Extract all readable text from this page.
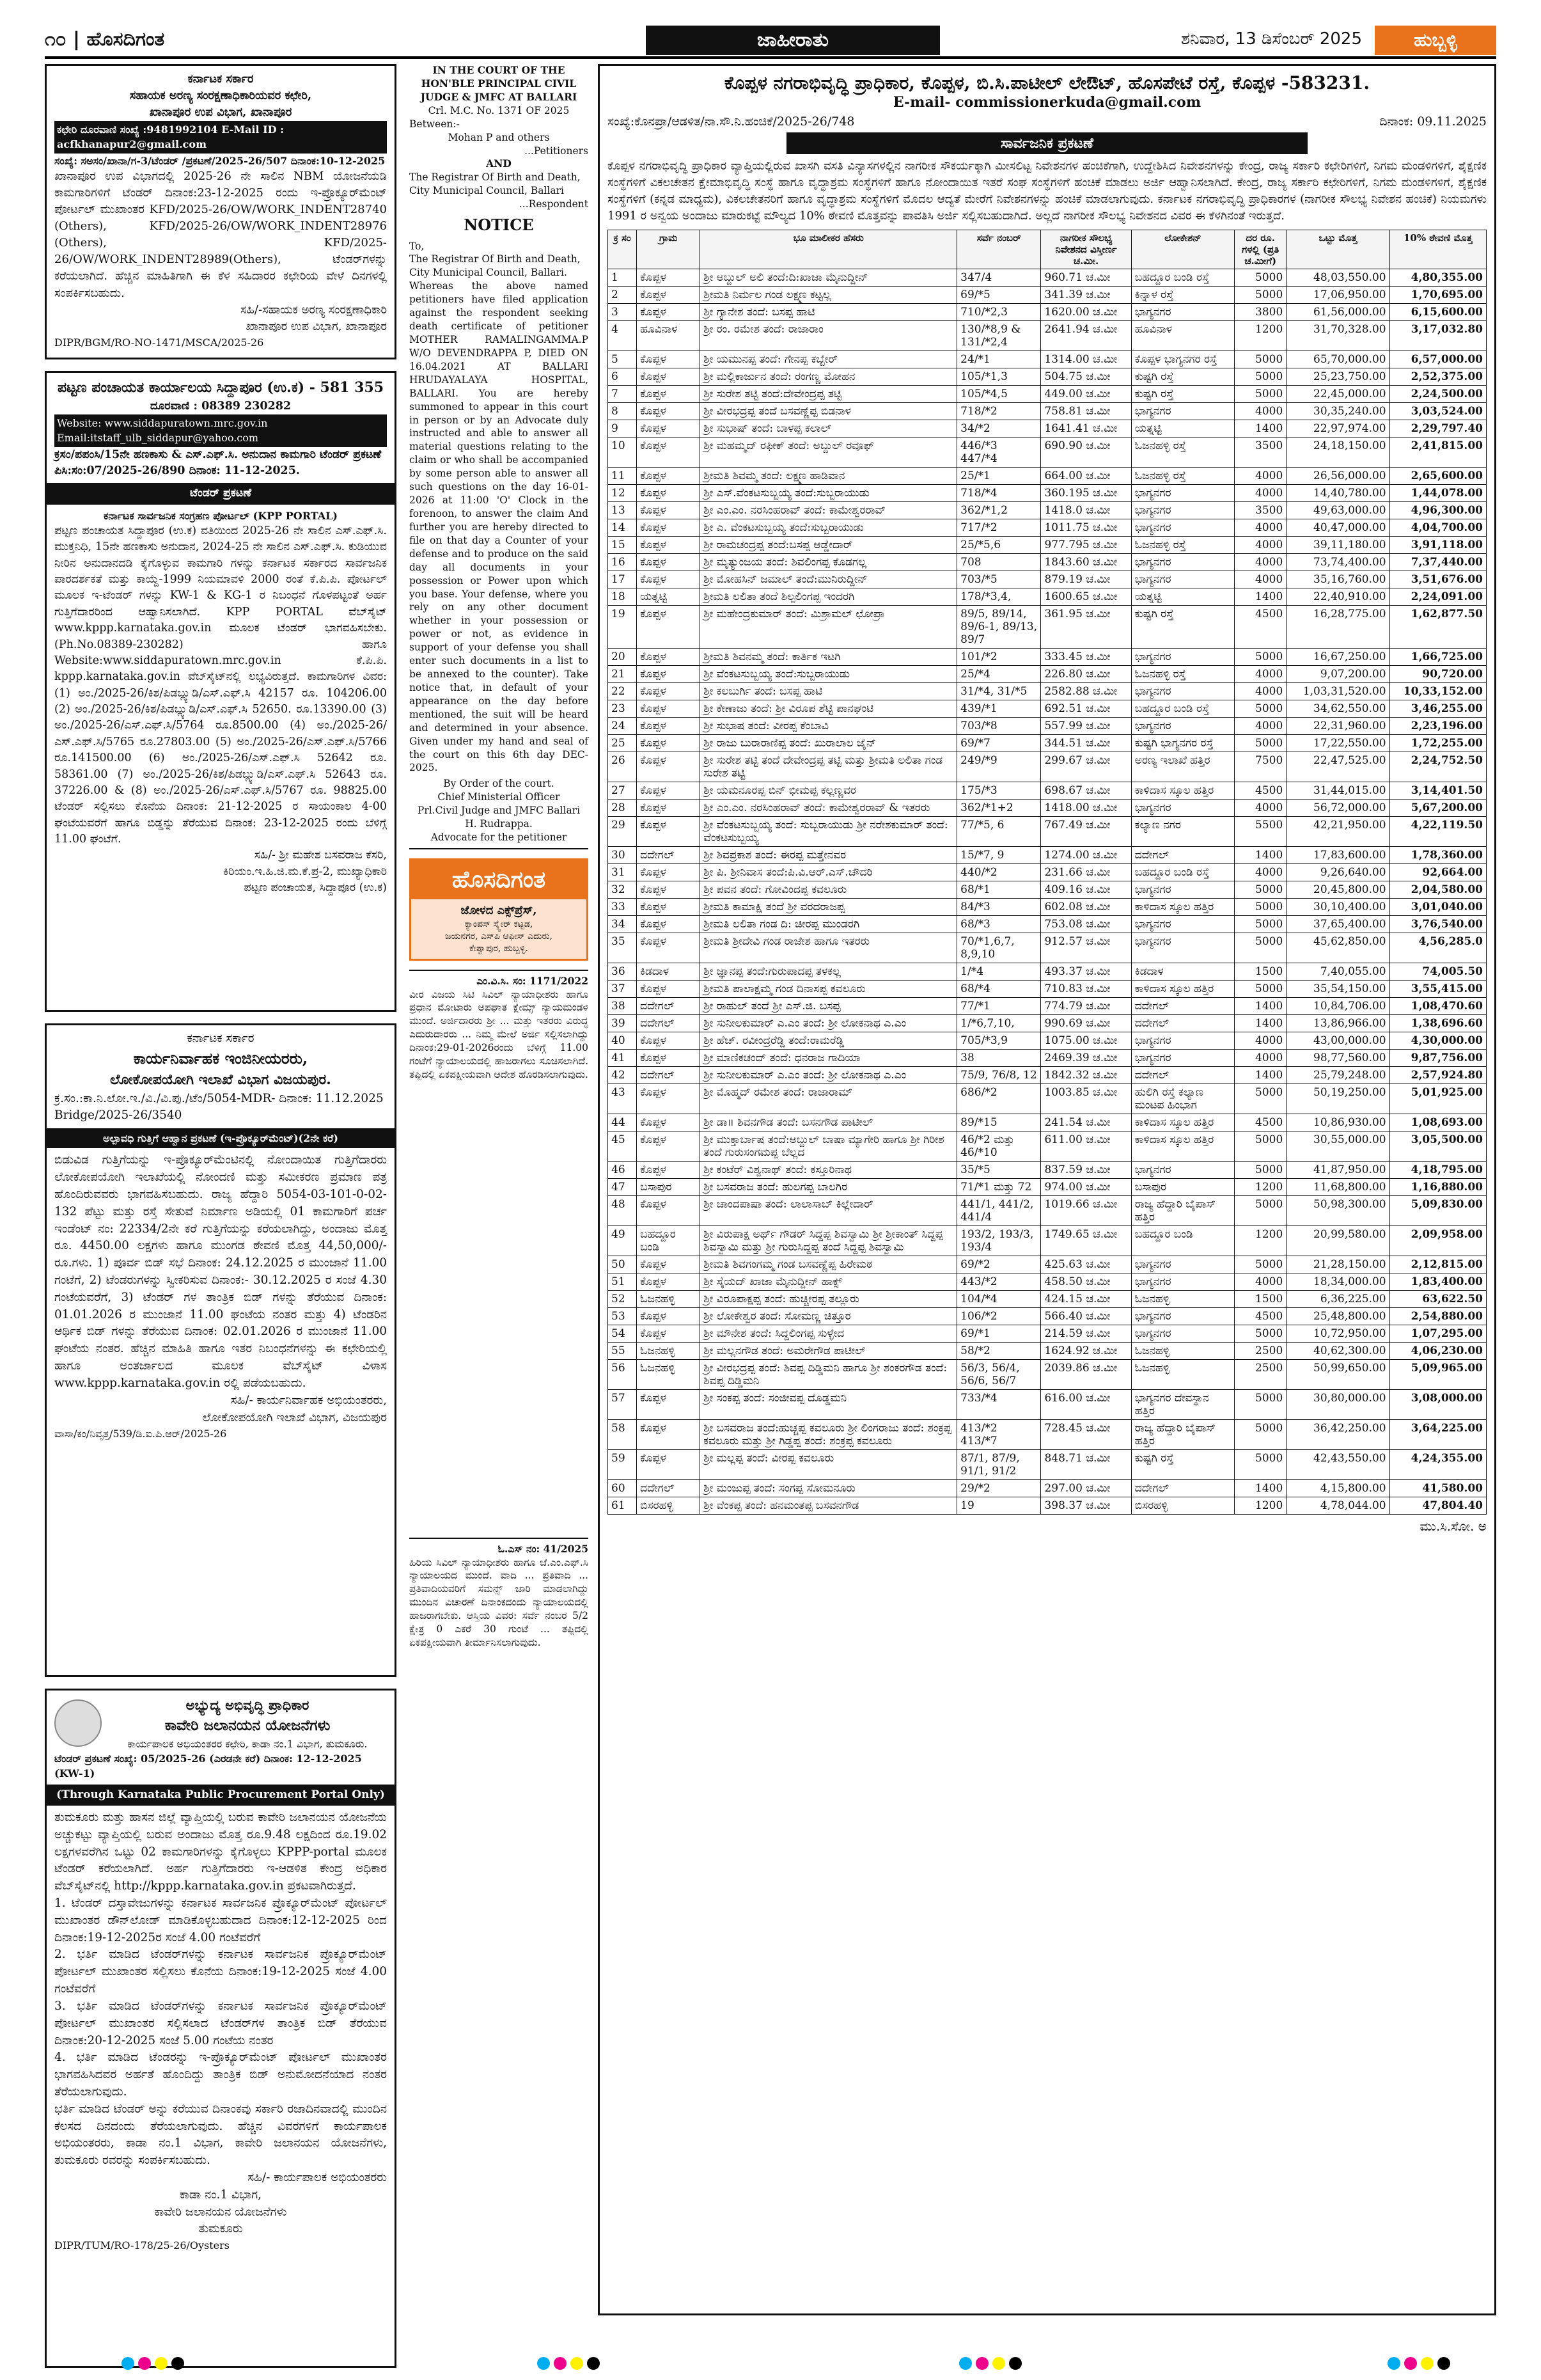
೧೦ | ಹೊಸದಿಗಂತ	ಜಾಹೀರಾತು	ಶನಿವಾರ, 13 ಡಿಸೆಂಬರ್ 2025	ಹುಬ್ಬಳ್ಳಿ

ಕರ್ನಾಟಕ ಸರ್ಕಾರ

ಸಹಾಯಕ ಅರಣ್ಯ ಸಂರಕ್ಷಣಾಧಿಕಾರಿಯವರ ಕಛೇರಿ,

ಖಾನಾಪೂರ ಉಪ ವಿಭಾಗ, ಖಾನಾಪೂರ

ಕಛೇರಿ ದೂರವಾಣಿ ಸಂಖ್ಯೆ :9481992104 E-Mail ID : acfkhanapur2@gmail.com

ಸಂಖ್ಯೆ: ಸಅಸಂ/ಖಾನಾ/ಗ-3/ಟೆಂಡರ್ /ಪ್ರಕಟಣೆ/2025-26/507 ದಿನಾಂಕ:10-12-2025

ಖಾನಾಪೂರ ಉಪ ವಿಭಾಗದಲ್ಲಿ 2025-26 ನೇ ಸಾಲಿನ NBM ಯೋಜನೆಯಡಿ ಕಾಮಗಾರಿಗಳಿಗೆ ಟೆಂಡರ್ ದಿನಾಂಕ:23-12-2025 ರಂದು ಇ-ಪ್ರೊಕ್ಯೂರ್‌ಮೆಂಟ್ ಪೋರ್ಟಲ್ ಮುಖಾಂತರ KFD/2025-26/OW/WORK_INDENT28740 (Others), KFD/2025-26/OW/WORK_INDENT28976 (Others), KFD/2025-26/OW/WORK_INDENT28989(Others), ಟೆಂಡರ್‌ಗಳನ್ನು ಕರೆಯಲಾಗಿದೆ. ಹೆಚ್ಚಿನ ಮಾಹಿತಿಗಾಗಿ ಈ ಕೆಳ ಸಹಿದಾರರ ಕಛೇರಿಯ ವೇಳೆ ದಿನಗಳಲ್ಲಿ ಸಂಪರ್ಕಿಸಬಹುದು.

ಸಹಿ/-ಸಹಾಯಕ ಅರಣ್ಯ ಸಂರಕ್ಷಣಾಧಿಕಾರಿ

ಖಾನಾಪೂರ ಉಪ ವಿಭಾಗ, ಖಾನಾಪೂರ

DIPR/BGM/RO-NO-1471/MSCA/2025-26

ಪಟ್ಟಣ ಪಂಚಾಯತ ಕಾರ್ಯಾಲಯ ಸಿದ್ದಾಪೂರ (ಉ.ಕ) - 581 355

ದೂರವಾಣಿ : 08389 230282

Website: www.siddapuratown.mrc.gov.in Email:itstaff_ulb_siddapur@yahoo.com

ಕ್ರಸಂ/ಪಪಂಸಿ/15ನೇ ಹಣಕಾಸು & ಎಸ್.ಎಫ್.ಸಿ. ಅನುದಾನ ಕಾಮಗಾರಿ ಟೆಂಡರ್ ಪ್ರಕಟಣೆ ಪಿಸಿ:ಸಂ:07/2025-26/890 ದಿನಾಂಕ: 11-12-2025.

ಟೆಂಡರ್ ಪ್ರಕಟಣೆ

ಕರ್ನಾಟಕ ಸಾರ್ವಜನಿಕ ಸಂಗ್ರಹಣ ಪೋರ್ಟಲ್ (KPP PORTAL)

ಪಟ್ಟಣ ಪಂಚಾಯತ ಸಿದ್ದಾಪೂರ (ಉ.ಕ) ವತಿಯಿಂದ 2025-26 ನೇ ಸಾಲಿನ ಎಸ್.ಎಫ್.ಸಿ. ಮುಕ್ತನಿಧಿ, 15ನೇ ಹಣಕಾಸು ಅನುದಾನ, 2024-25 ನೇ ಸಾಲಿನ ಎಸ್.ಎಫ್.ಸಿ. ಕುಡಿಯುವ ನೀರಿನ ಅನುದಾನದಡಿ ಕೈಗೊಳ್ಳುವ ಕಾಮಗಾರಿ ಗಳನ್ನು ಕರ್ನಾಟಕ ಸರ್ಕಾರದ ಸಾರ್ವಜನಿಕ ಪಾರದರ್ಶಕತೆ ಮತ್ತು ಕಾಯ್ದೆ-1999 ನಿಯಮಾವಳಿ 2000 ರಂತೆ ಕೆ.ಪಿ.ಪಿ. ಪೋರ್ಟಲ್ ಮೂಲಕ ಇ-ಟೆಂಡರ್ ಗಳನ್ನು KW-1 & KG-1 ರ ನಿಬಂಧನೆ ಗೊಳಪಟ್ಟಂತೆ ಅರ್ಹ ಗುತ್ತಿಗೆದಾರರಿಂದ ಆಹ್ವಾನಿಸಲಾಗಿದೆ. KPP PORTAL ವೆಬ್‌ಸೈಟ್ www.kppp.karnataka.gov.in ಮೂಲಕ ಟೆಂಡರ್ ಭಾಗವಹಿಸಬೇಕು. (Ph.No.08389-230282) ಹಾಗೂ Website:www.siddapuratown.mrc.gov.in ಕೆ.ಪಿ.ಪಿ. kppp.karnataka.gov.in ವೆಬ್‌ಸೈಟ್‌ನಲ್ಲಿ ಲಭ್ಯವಿರುತ್ತದೆ. ಕಾಮಗಾರಿಗಳ ವಿವರ: (1) ಅಂ./2025-26/ಕಿಶ/ಪಿಡಬ್ಲ್ಯುಡಿ/ಎಸ್.ಎಫ್.ಸಿ 42157 ರೂ. 104206.00 (2) ಅಂ./2025-26/ಕಿಶ/ಪಿಡಬ್ಲ್ಯುಡಿ/ಎಸ್.ಎಫ್.ಸಿ 52650. ರೂ.13390.00 (3) ಅಂ./2025-26/ಎಸ್.ಎಫ್.ಸಿ/5764 ರೂ.8500.00 (4) ಅಂ./2025-26/ಎಸ್.ಎಫ್.ಸಿ/5765 ರೂ.27803.00 (5) ಅಂ./2025-26/ಎಸ್.ಎಫ್.ಸಿ/5766 ರೂ.141500.00 (6) ಅಂ./2025-26/ಎಸ್.ಎಫ್.ಸಿ 52642 ರೂ. 58361.00 (7) ಅಂ./2025-26/ಕಿಶ/ಪಿಡಬ್ಲ್ಯುಡಿ/ಎಸ್.ಎಫ್.ಸಿ 52643 ರೂ. 37226.00 & (8) ಅಂ./2025-26/ಎಸ್.ಎಫ್.ಸಿ/5767 ರೂ. 98825.00 ಟೆಂಡರ್ ಸಲ್ಲಿಸಲು ಕೊನೆಯ ದಿನಾಂಕ: 21-12-2025 ರ ಸಾಯಂಕಾಲ 4-00 ಘಂಟೆಯವರೆಗೆ ಹಾಗೂ ಬಿಡ್ಡನ್ನು ತೆರೆಯುವ ದಿನಾಂಕ: 23-12-2025 ರಂದು ಬೆಳಿಗ್ಗೆ 11.00 ಘಂಟೆಗೆ.

ಸಹಿ/- ಶ್ರೀ ಮಹೇಶ ಬಸವರಾಜ ಕೆಸರಿ,

ಕಿರಿಯಂ.ಇ.ಹಿ.ಜಿ.ಮ.ಕೆ.ಪ್ರ-2, ಮುಖ್ಯಾಧಿಕಾರಿ

ಪಟ್ಟಣ ಪಂಚಾಯತ, ಸಿದ್ದಾಪೂರ (ಉ.ಕ)

ಕರ್ನಾಟಕ ಸರ್ಕಾರ

ಕಾರ್ಯನಿರ್ವಾಹಕ ಇಂಜಿನೀಯರರು,

ಲೋಕೋಪಯೋಗಿ ಇಲಾಖೆ ವಿಭಾಗ ವಿಜಯಪುರ.

ಕ್ರ.ಸಂ.:ಕಾ.ನಿ.ಲೋ.ಇ./ವಿ./ವಿ.ಪು./ಟೆಂ/5054-MDR- ದಿನಾಂಕ: 11.12.2025

Bridge/2025-26/3540

ಅಲ್ಪಾವಧಿ ಗುತ್ತಿಗೆ ಆಹ್ವಾನ ಪ್ರಕಟಣೆ (ಇ-ಪ್ರೊಕ್ಯೂರ್‌ಮೆಂಟ್)(2ನೇ ಕರೆ)

ಬಿಡುವಿಡ ಗುತ್ತಿಗೆಯನ್ನು ಇ-ಪ್ರೊಕ್ಯೂರ್‌ಮೆಂಟಿನಲ್ಲಿ ನೋಂದಾಯಿತ ಗುತ್ತಿಗೆದಾರರು ಲೋಕೋಪಯೋಗಿ ಇಲಾಖೆಯಲ್ಲಿ ನೋಂದಣಿ ಮತ್ತು ಸಮೀಕರಣ ಪ್ರಮಾಣ ಪತ್ರ ಹೊಂದಿರುವವರು ಭಾಗವಹಿಸಬಹುದು. ರಾಜ್ಯ ಹೆದ್ದಾರಿ 5054-03-101-0-02-132 ಪೆಟ್ಟು ಮತ್ತು ರಸ್ತೆ ಸೇತುವೆ ನಿರ್ಮಾಣ ಅಡಿಯಲ್ಲಿ 01 ಕಾಮಗಾರಿಗೆ ಪರ್ಚ ಇಂಡೆಂಟ್ ನಂ: 22334/2ನೇ ಕರೆ ಗುತ್ತಿಗೆಯನ್ನು ಕರೆಯಲಾಗಿದ್ದು, ಅಂದಾಜು ಮೊತ್ತ ರೂ. 4450.00 ಲಕ್ಷಗಳು ಹಾಗೂ ಮುಂಗಡ ಠೇವಣಿ ಮೊತ್ತ 44,50,000/- ರೂ.ಗಳು. 1) ಪೂರ್ವ ಬಿಡ್ ಸಭೆ ದಿನಾಂಕ: 24.12.2025 ರ ಮುಂಜಾನೆ 11.00 ಗಂಟೆಗೆ, 2) ಟೆಂಡರುಗಳನ್ನು ಸ್ವೀಕರಿಸುವ ದಿನಾಂಕ:- 30.12.2025 ರ ಸಂಜೆ 4.30 ಗಂಟೆಯವರೆಗೆ, 3) ಟೆಂಡರ್ ಗಳ ತಾಂತ್ರಿಕ ಬಿಡ್ ಗಳನ್ನು ತೆರೆಯುವ ದಿನಾಂಕ: 01.01.2026 ರ ಮುಂಜಾನೆ 11.00 ಘಂಟೆಯ ನಂತರ ಮತ್ತು 4) ಟೆಂಡರಿನ ಆರ್ಥಿಕ ಬಿಡ್ ಗಳನ್ನು ತೆರೆಯುವ ದಿನಾಂಕ: 02.01.2026 ರ ಮುಂಜಾನೆ 11.00 ಘಂಟೆಯ ನಂತರ. ಹೆಚ್ಚಿನ ಮಾಹಿತಿ ಹಾಗೂ ಇತರ ನಿಬಂಧನೆಗಳನ್ನು ಈ ಕಛೇರಿಯಲ್ಲಿ ಹಾಗೂ ಅಂತರ್ಜಾಲದ ಮೂಲಕ ವೆಬ್‌ಸೈಟ್ ವಿಳಾಸ www.kppp.karnataka.gov.in ರಲ್ಲಿ ಪಡೆಯಬಹುದು.

ಸಹಿ/- ಕಾರ್ಯನಿರ್ವಾಹಕ ಅಭಿಯಂತರರು,

ಲೋಕೋಪಯೋಗಿ ಇಲಾಖೆ ವಿಭಾಗ, ವಿಜಯಪುರ

ವಾಸಾ/ಕಂ/ನಿವೃತ್ತ/539/ಡಿ.ಐ.ಪಿ.ಆರ್/2025-26

ಅಭ್ಯುದ್ಯ ಅಭಿವೃದ್ಧಿ ಪ್ರಾಧಿಕಾರ

ಕಾವೇರಿ ಜಲಾನಯನ ಯೋಜನೆಗಳು

ಕಾರ್ಯಪಾಲಕ ಅಭಿಯಂತರರ ಕಛೇರಿ, ಕಾಡಾ ನಂ.1 ವಿಭಾಗ, ತುಮಕೂರು.

ಟೆಂಡರ್ ಪ್ರಕಟಣೆ ಸಂಖ್ಯೆ: 05/2025-26 (ಎರಡನೇ ಕರೆ) ದಿನಾಂಕ: 12-12-2025 (KW-1)

(Through Karnataka Public Procurement Portal Only)

ತುಮಕೂರು ಮತ್ತು ಹಾಸನ ಜಿಲ್ಲೆ ವ್ಯಾಪ್ತಿಯಲ್ಲಿ ಬರುವ ಕಾವೇರಿ ಜಲಾನಯನ ಯೋಜನೆಯ ಅಚ್ಚುಕಟ್ಟು ವ್ಯಾಪ್ತಿಯಲ್ಲಿ ಬರುವ ಅಂದಾಜು ಮೊತ್ತ ರೂ.9.48 ಲಕ್ಷದಿಂದ ರೂ.19.02 ಲಕ್ಷಗಳವರೆಗಿನ ಒಟ್ಟು 02 ಕಾಮಗಾರಿಗಳನ್ನು ಕೈಗೊಳ್ಳಲು KPPP-portal ಮೂಲಕ ಟೆಂಡರ್ ಕರೆಯಲಾಗಿದೆ. ಅರ್ಹ ಗುತ್ತಿಗೆದಾರರು ಇ-ಆಡಳಿತ ಕೇಂದ್ರ ಅಧಿಕಾರ ವೆಬ್‌ಸೈಟ್‌ನಲ್ಲಿ http://kppp.karnataka.gov.in ಪ್ರಕಟವಾಗಿರುತ್ತದೆ.

1. ಟೆಂಡರ್ ದಸ್ತಾವೇಜುಗಳನ್ನು ಕರ್ನಾಟಕ ಸಾರ್ವಜನಿಕ ಪ್ರೊಕ್ಯೂರ್‌ಮೆಂಟ್ ಪೋರ್ಟಲ್ ಮುಖಾಂತರ ಡೌನ್‌ಲೋಡ್ ಮಾಡಿಕೊಳ್ಳಬಹುದಾದ ದಿನಾಂಕ:12-12-2025 ರಿಂದ ದಿನಾಂಕ:19-12-2025ರ ಸಂಜೆ 4.00 ಗಂಟೆವರೆಗೆ

2. ಭರ್ತಿ ಮಾಡಿದ ಟೆಂಡರ್‌ಗಳನ್ನು ಕರ್ನಾಟಕ ಸಾರ್ವಜನಿಕ ಪ್ರೊಕ್ಯೂರ್‌ಮೆಂಟ್ ಪೋರ್ಟಲ್ ಮುಖಾಂತರ ಸಲ್ಲಿಸಲು ಕೊನೆಯ ದಿನಾಂಕ:19-12-2025 ಸಂಜೆ 4.00 ಗಂಟೆವರೆಗೆ

3. ಭರ್ತಿ ಮಾಡಿದ ಟೆಂಡರ್‌ಗಳನ್ನು ಕರ್ನಾಟಕ ಸಾರ್ವಜನಿಕ ಪ್ರೊಕ್ಯೂರ್‌ಮೆಂಟ್ ಪೋರ್ಟಲ್ ಮುಖಾಂತರ ಸಲ್ಲಿಸಲಾದ ಟೆಂಡರ್‌ಗಳ ತಾಂತ್ರಿಕ ಬಿಡ್ ತೆರೆಯುವ ದಿನಾಂಕ:20-12-2025 ಸಂಜೆ 5.00 ಗಂಟೆಯ ನಂತರ

4. ಭರ್ತಿ ಮಾಡಿದ ಟೆಂಡರನ್ನು ಇ-ಪ್ರೊಕ್ಯೂರ್‌ಮೆಂಟ್ ಪೋರ್ಟಲ್ ಮುಖಾಂತರ ಭಾಗವಹಿಸಿದವರ ಅರ್ಹತೆ ಹೊಂದಿದ್ದು ತಾಂತ್ರಿಕ ಬಿಡ್ ಅನುಮೋದನೆಯಾದ ನಂತರ ತೆರೆಯಲಾಗುವುದು.

ಭರ್ತಿ ಮಾಡಿದ ಟೆಂಡರ್ ಅನ್ನು ಕರೆಯುವ ದಿನಾಂಕವು ಸರ್ಕಾರಿ ರಜಾದಿನವಾದಲ್ಲಿ ಮುಂದಿನ ಕೆಲಸದ ದಿನದಂದು ತೆರೆಯಲಾಗುವುದು. ಹೆಚ್ಚಿನ ವಿವರಗಳಿಗೆ ಕಾರ್ಯಪಾಲಕ ಅಭಿಯಂತರರು, ಕಾಡಾ ನಂ.1 ವಿಭಾಗ, ಕಾವೇರಿ ಜಲಾನಯನ ಯೋಜನೆಗಳು, ತುಮಕೂರು ರವರನ್ನು ಸಂಪರ್ಕಿಸಬಹುದು.

ಸಹಿ/- ಕಾರ್ಯಪಾಲಕ ಅಭಿಯಂತರರು

ಕಾಡಾ ನಂ.1 ವಿಭಾಗ,

ಕಾವೇರಿ ಜಲಾನಯನ ಯೋಜನೆಗಳು

ತುಮಕೂರು

DIPR/TUM/RO-178/25-26/Oysters

IN THE COURT OF THE HON'BLE PRINCIPAL CIVIL JUDGE & JMFC AT BALLARI

Crl. M.C. No. 1371 OF 2025

Between:-

Mohan P and others

...Petitioners

AND

The Registrar Of Birth and Death, City Municipal Council, Ballari

...Respondent

NOTICE

To,

The Registrar Of Birth and Death, City Municipal Council, Ballari.

Whereas the above named petitioners have filed application against the respondent seeking death certificate of petitioner MOTHER RAMALINGAMMA.P W/O DEVENDRAPPA P, DIED ON 16.04.2021 AT BALLARI HRUDAYALAYA HOSPITAL, BALLARI. You are hereby summoned to appear in this court in person or by an Advocate duly instructed and able to answer all material questions relating to the claim or who shall be accompanied by some person able to answer all such questions on the day 16-01-2026 at 11:00 'O' Clock in the forenoon, to answer the claim And further you are hereby directed to file on that day a Counter of your defense and to produce on the said day all documents in your possession or Power upon which you base. Your defense, where you rely on any other document whether in your possession or power or not, as evidence in support of your defense you shall enter such documents in a list to be annexed to the counter). Take notice that, in default of your appearance on the day before mentioned, the suit will be heard and determined in your absence. Given under my hand and seal of the court on this 6th day DEC-2025.

By Order of the court.

Chief Ministerial Officer

Prl.Civil Judge and JMFC Ballari

H. Rudrappa.

Advocate for the petitioner

ಹೊಸದಿಗಂತ

ಜೋಳದ ಎಕ್ಸ್‌ಪ್ರೆಸ್,

ಕ್ಯಾಂಪಸ್ ಸ್ಕ್ವೇರ್ ಕಟ್ಟಡ,

ಜಯನಗರ, ಎಸ್‌ಪಿ ಆಫೀಸ್ ಎದುರು,

ಕೇಶ್ವಾಪುರ, ಹುಬ್ಬಳ್ಳಿ.

ಎಂ.ವಿ.ಸಿ. ಸಂ: 1171/2022

ವೀರ ವಿಜಯ ಸಿಟಿ ಸಿವಿಲ್ ನ್ಯಾಯಾಧೀಶರು ಹಾಗೂ ಪ್ರಧಾನ ಮೋಟಾರು ಅಪಘಾತ ಕ್ಲೇಮ್ಸ್ ನ್ಯಾಯಮಂಡಳಿ ಮುಂದೆ. ಅರ್ಜಿದಾರರು ಶ್ರೀ ... ಮತ್ತು ಇತರರು ವಿರುದ್ಧ ಎದುರುದಾರರು ... ನಿಮ್ಮ ಮೇಲೆ ಅರ್ಜಿ ಸಲ್ಲಿಸಲಾಗಿದ್ದು ದಿನಾಂಕ:29-01-2026ರಂದು ಬೆಳಿಗ್ಗೆ 11.00 ಗಂಟೆಗೆ ನ್ಯಾಯಾಲಯದಲ್ಲಿ ಹಾಜರಾಗಲು ಸೂಚಿಸಲಾಗಿದೆ. ತಪ್ಪಿದಲ್ಲಿ ಏಕಪಕ್ಷೀಯವಾಗಿ ಆದೇಶ ಹೊರಡಿಸಲಾಗುವುದು.

ಓ.ಎಸ್ ನಂ: 41/2025

ಹಿರಿಯ ಸಿವಿಲ್ ನ್ಯಾಯಾಧೀಶರು ಹಾಗೂ ಜೆ.ಎಂ.ಎಫ್.ಸಿ ನ್ಯಾಯಾಲಯದ ಮುಂದೆ. ವಾದಿ ... ಪ್ರತಿವಾದಿ ... ಪ್ರತಿವಾದಿಯವರಿಗೆ ಸಮನ್ಸ್ ಜಾರಿ ಮಾಡಲಾಗಿದ್ದು ಮುಂದಿನ ವಿಚಾರಣೆ ದಿನಾಂಕದಂದು ನ್ಯಾಯಾಲಯದಲ್ಲಿ ಹಾಜರಾಗಬೇಕು. ಆಸ್ತಿಯ ವಿವರ: ಸರ್ವೆ ನಂಬರ 5/2 ಕ್ಷೇತ್ರ 0 ಎಕರೆ 30 ಗುಂಟೆ ... ತಪ್ಪಿದಲ್ಲಿ ಏಕಪಕ್ಷೀಯವಾಗಿ ತೀರ್ಮಾನಿಸಲಾಗುವುದು.

ಕೊಪ್ಪಳ ನಗರಾಭಿವೃದ್ಧಿ ಪ್ರಾಧಿಕಾರ, ಕೊಪ್ಪಳ, ಬಿ.ಸಿ.ಪಾಟೀಲ್ ಲೇಔಟ್, ಹೊಸಪೇಟೆ ರಸ್ತೆ, ಕೊಪ್ಪಳ -583231.

E-mail- commissionerkuda@gmail.com

ಸಂಖ್ಯೆ:ಕೊನಪ್ರಾ/ಆಡಳಿತ/ನಾ.ಸೌ.ನಿ.ಹಂಚಿಕೆ/2025-26/748	ದಿನಾಂಕ: 09.11.2025
ಸಾರ್ವಜನಿಕ ಪ್ರಕಟಣೆ

ಕೊಪ್ಪಳ ನಗರಾಭಿವೃದ್ಧಿ ಪ್ರಾಧಿಕಾರ ವ್ಯಾಪ್ತಿಯಲ್ಲಿರುವ ಖಾಸಗಿ ವಸತಿ ವಿನ್ಯಾಸಗಳಲ್ಲಿನ ನಾಗರೀಕ ಸೌಕರ್ಯಕ್ಕಾಗಿ ಮೀಸಲಿಟ್ಟ ನಿವೇಶನಗಳ ಹಂಚಿಕೆಗಾಗಿ, ಉದ್ದೇಶಿಸಿದ ನಿವೇಶನಗಳನ್ನು ಕೇಂದ್ರ, ರಾಜ್ಯ ಸರ್ಕಾರಿ ಕಛೇರಿಗಳಿಗೆ, ನಿಗಮ ಮಂಡಳಿಗಳಿಗೆ, ಶೈಕ್ಷಣಿಕ ಸಂಸ್ಥೆಗಳಿಗೆ ವಿಕಲಚೇತನ ಕ್ಷೇಮಾಭಿವೃದ್ಧಿ ಸಂಸ್ಥೆ ಹಾಗೂ ವೃದ್ಧಾಶ್ರಮ ಸಂಸ್ಥೆಗಳಿಗೆ ಹಾಗೂ ನೋಂದಾಯಿತ ಇತರೆ ಸಂಘ ಸಂಸ್ಥೆಗಳಿಗೆ ಹಂಚಿಕೆ ಮಾಡಲು ಅರ್ಜಿ ಆಹ್ವಾನಿಸಲಾಗಿದೆ. ಕೇಂದ್ರ, ರಾಜ್ಯ ಸರ್ಕಾರಿ ಕಛೇರಿಗಳಿಗೆ, ನಿಗಮ ಮಂಡಳಿಗಳಿಗೆ, ಶೈಕ್ಷಣಿಕ ಸಂಸ್ಥೆಗಳಿಗೆ (ಕನ್ನಡ ಮಾಧ್ಯಮ), ವಿಕಲಚೇತನರಿಗೆ ಹಾಗೂ ವೃದ್ಧಾಶ್ರಮ ಸಂಸ್ಥೆಗಳಿಗೆ ಮೊದಲ ಆದ್ಯತೆ ಮೇರೆಗೆ ನಿವೇಶನಗಳನ್ನು ಹಂಚಿಕೆ ಮಾಡಲಾಗುವುದು. ಕರ್ನಾಟಕ ನಗರಾಭಿವೃದ್ಧಿ ಪ್ರಾಧಿಕಾರಗಳ (ನಾಗರೀಕ ಸೌಲಭ್ಯ ನಿವೇಶನ ಹಂಚಿಕೆ) ನಿಯಮಗಳು 1991 ರ ಅನ್ವಯ ಅಂದಾಜು ಮಾರುಕಟ್ಟೆ ಮೌಲ್ಯದ 10% ಠೇವಣಿ ಮೊತ್ತವನ್ನು ಪಾವತಿಸಿ ಅರ್ಜಿ ಸಲ್ಲಿಸಬಹುದಾಗಿದೆ. ಅಲ್ಲದೆ ನಾಗರೀಕ ಸೌಲಭ್ಯ ನಿವೇಶನದ ವಿವರ ಈ ಕೆಳಗಿನಂತೆ ಇರುತ್ತದೆ.

ಕ್ರ ಸಂ	ಗ್ರಾಮ	ಭೂ ಮಾಲೀಕರ ಹೆಸರು	ಸರ್ವೆ ನಂಬರ್	ನಾಗರೀಕ ಸೌಲಭ್ಯ ನಿವೇಶನದ ವಿಸ್ತೀರ್ಣ ಚ.ಮೀ.	ಲೋಕೇಶನ್	ದರ ರೂ. ಗಳಲ್ಲಿ (ಪ್ರತಿ ಚ.ಮೀಗೆ)	ಒಟ್ಟು ಮೊತ್ತ	10% ಠೇವಣಿ ಮೊತ್ತ
1	ಕೊಪ್ಪಳ	ಶ್ರೀ ಅಬ್ದುಲ್ ಅಲಿ ತಂದೆ:ದಿ:ಖಾಜಾ ಮೈನುದ್ದೀನ್	347/4	960.71 ಚ.ಮೀ	ಬಹದ್ದೂರ ಬಂಡಿ ರಸ್ತೆ	5000	48,03,550.00	4,80,355.00
2	ಕೊಪ್ಪಳ	ಶ್ರೀಮತಿ ನಿರ್ಮಲ ಗಂಡ ಲಕ್ಷ್ಮಣ ಕಟ್ಟಲ್ಲ	69/*5	341.39 ಚ.ಮೀ	ಕಿನ್ನಾಳ ರಸ್ತೆ	5000	17,06,950.00	1,70,695.00
3	ಕೊಪ್ಪಳ	ಶ್ರೀ ಗ್ಯಾನೇಶ ತಂದೆ: ಬಸಪ್ಪ ಹಾಟಿ	710/*2,3	1620.00 ಚ.ಮೀ	ಭಾಗ್ಯನಗರ	3800	61,56,000.00	6,15,600.00
4	ಹೂವಿನಾಳ	ಶ್ರೀ ರಂ. ರಮೇಶ ತಂದೆ: ರಾಜಾರಾಂ	130/*8,9 & 131/*2,4	2641.94 ಚ.ಮೀ	ಹೂವಿನಾಳ	1200	31,70,328.00	3,17,032.80
5	ಕೊಪ್ಪಳ	ಶ್ರೀ ಯಮುನಪ್ಪ ತಂದೆ: ಗೇನಪ್ಪ ಕಬ್ಬೇರ್	24/*1	1314.00 ಚ.ಮೀ	ಕೊಪ್ಪಳ ಭಾಗ್ಯನಗರ ರಸ್ತೆ	5000	65,70,000.00	6,57,000.00
6	ಕೊಪ್ಪಳ	ಶ್ರೀ ಮಲ್ಲಿಕಾರ್ಜುನ ತಂದೆ: ರಂಗಣ್ಣ ಮೋಹನ	105/*1,3	504.75 ಚ.ಮೀ	ಕುಷ್ಟಗಿ ರಸ್ತೆ	5000	25,23,750.00	2,52,375.00
7	ಕೊಪ್ಪಳ	ಶ್ರೀ ಸುರೇಶ ತಟ್ಟಿ ತಂದೆ:ದೇವೇಂದ್ರಪ್ಪ ತಟ್ಟಿ	105/*4,5	449.00 ಚ.ಮೀ	ಕುಷ್ಟಗಿ ರಸ್ತೆ	5000	22,45,000.00	2,24,500.00
8	ಕೊಪ್ಪಳ	ಶ್ರೀ ವೀರಭದ್ರಪ್ಪ ತಂದೆ ಬಸವಣ್ಣೆಪ್ಪ ಬಿಡನಾಳ	718/*2	758.81 ಚ.ಮೀ	ಭಾಗ್ಯನಗರ	4000	30,35,240.00	3,03,524.00
9	ಕೊಪ್ಪಳ	ಶ್ರೀ ಸುಭಾಷ್ ತಂದೆ: ಬಾಳಪ್ಪ ಕಲಾಲ್	34/*2	1641.41 ಚ.ಮೀ	ಯತ್ನಟ್ಟಿ	1400	22,97,974.00	2,29,797.40
10	ಕೊಪ್ಪಳ	ಶ್ರೀ ಮಹಮ್ಮದ್ ರಫೀಕ್ ತಂದೆ: ಅಬ್ದುಲ್ ರವೂಫ್	446/*3 447/*4	690.90 ಚ.ಮೀ	ಓಜನಹಳ್ಳಿ ರಸ್ತೆ	3500	24,18,150.00	2,41,815.00
11	ಕೊಪ್ಪಳ	ಶ್ರೀಮತಿ ಶಿವಮ್ಮ ತಂದೆ: ಲಕ್ಷ್ಮಣ ಹಾಡಿವಾನ	25/*1	664.00 ಚ.ಮೀ	ಓಜನಹಳ್ಳಿ ರಸ್ತೆ	4000	26,56,000.00	2,65,600.00
12	ಕೊಪ್ಪಳ	ಶ್ರೀ ಎಸ್.ವೆಂಕಟಸುಬ್ಬಯ್ಯ ತಂದೆ:ಸುಬ್ಬರಾಯುಡು	718/*4	360.195 ಚ.ಮೀ	ಭಾಗ್ಯನಗರ	4000	14,40,780.00	1,44,078.00
13	ಕೊಪ್ಪಳ	ಶ್ರೀ ಎಂ.ಎಂ. ನರಸಿಂಹರಾವ್ ತಂದೆ: ಕಾಮೇಶ್ವರರಾವ್	362/*1,2	1418.0 ಚ.ಮೀ	ಭಾಗ್ಯನಗರ	3500	49,63,000.00	4,96,300.00
14	ಕೊಪ್ಪಳ	ಶ್ರೀ ಎ. ವೆಂಕಟಸುಬ್ಬಯ್ಯ ತಂದೆ:ಸುಬ್ಬರಾಯುಡು	717/*2	1011.75 ಚ.ಮೀ	ಭಾಗ್ಯನಗರ	4000	40,47,000.00	4,04,700.00
15	ಕೊಪ್ಪಳ	ಶ್ರೀ ರಾಮಚಂದ್ರಪ್ಪ ತಂದೆ:ಬಸಪ್ಪ ಆಡ್ಡೇದಾರ್	25/*5,6	977.795 ಚ.ಮೀ	ಓಜನಹಳ್ಳಿ ರಸ್ತೆ	4000	39,11,180.00	3,91,118.00
16	ಕೊಪ್ಪಳ	ಶ್ರೀ ಮೃತ್ಯುಂಜಯ ತಂದೆ: ಶಿವಲಿಂಗಪ್ಪ ಕೊಡಗಲ್ಲ	708	1843.60 ಚ.ಮೀ	ಭಾಗ್ಯನಗರ	4000	73,74,400.00	7,37,440.00
17	ಕೊಪ್ಪಳ	ಶ್ರೀ ಮೋಹಸಿನ್ ಜಮಾಲ್ ತಂದೆ:ಮುನಿರುದ್ದೀನ್	703/*5	879.19 ಚ.ಮೀ	ಭಾಗ್ಯನಗರ	4000	35,16,760.00	3,51,676.00
18	ಯತ್ನಟ್ಟಿ	ಶ್ರೀಮತಿ ಲಲಿತಾ ತಂದೆ ಶಿಲ್ಪಲಿಂಗಪ್ಪ ಇಂದರಗಿ	178/*3,4,	1600.65 ಚ.ಮೀ	ಯತ್ನಟ್ಟಿ	1400	22,40,910.00	2,24,091.00
19	ಕೊಪ್ಪಳ	ಶ್ರೀ ಮಹೇಂದ್ರಕುಮಾರ್ ತಂದೆ: ಮಿಶ್ರಾಮಲ್ ಛೋಪ್ರಾ	89/5, 89/14, 89/6-1, 89/13, 89/7	361.95 ಚ.ಮೀ	ಕುಷ್ಟಗಿ ರಸ್ತೆ	4500	16,28,775.00	1,62,877.50
20	ಕೊಪ್ಪಳ	ಶ್ರೀಮತಿ ಶಿವನಮ್ಮ ತಂದೆ: ಕಾರ್ತಿಕ ಇಟಗಿ	101/*2	333.45 ಚ.ಮೀ	ಭಾಗ್ಯನಗರ	5000	16,67,250.00	1,66,725.00
21	ಕೊಪ್ಪಳ	ಶ್ರೀ ವೆಂಕಟಸುಬ್ಬಯ್ಯ ತಂದೆ:ಸುಬ್ಬರಾಯುಡು	25/*4	226.80 ಚ.ಮೀ	ಓಜನಹಳ್ಳಿ ರಸ್ತೆ	4000	9,07,200.00	90,720.00
22	ಕೊಪ್ಪಳ	ಶ್ರೀ ಕಲಬುರ್ಗಿ ತಂದೆ: ಬಸಪ್ಪ ಹಾಟಿ	31/*4, 31/*5	2582.88 ಚ.ಮೀ	ಭಾಗ್ಯನಗರ	4000	1,03,31,520.00	10,33,152.00
23	ಕೊಪ್ಪಳ	ಶ್ರೀ ಕೇಣಾಜು ತಂದೆ: ಶ್ರೀ ವಿರೂಪ ಶೆಟ್ಟಿ ಪಾನಘಂಟಿ	439/*1	692.51 ಚ.ಮೀ	ಬಹದ್ದೂರ ಬಂಡಿ ರಸ್ತೆ	5000	34,62,550.00	3,46,255.00
24	ಕೊಪ್ಪಳ	ಶ್ರೀ ಸುಭಾಷ ತಂದೆ: ವೀರಪ್ಪ ಕೆಂಬಾವಿ	703/*8	557.99 ಚ.ಮೀ	ಭಾಗ್ಯನಗರ	4000	22,31,960.00	2,23,196.00
25	ಕೊಪ್ಪಳ	ಶ್ರೀ ರಾಜು ಬುರಾರಾಣಿಪ್ಪ ತಂದೆ: ಖುರಾಲಾಲ ಜೈನ್	69/*7	344.51 ಚ.ಮೀ	ಕುಷ್ಟಗಿ ಭಾಗ್ಯನಗರ ರಸ್ತೆ	5000	17,22,550.00	1,72,255.00
26	ಕೊಪ್ಪಳ	ಶ್ರೀ ಸುರೇಶ ತಟ್ಟಿ ತಂದೆ ದೇವೇಂದ್ರಪ್ಪ ತಟ್ಟಿ ಮತ್ತು ಶ್ರೀಮತಿ ಲಲಿತಾ ಗಂಡ ಸುರೇಶ ತಟ್ಟಿ	249/*9	299.67 ಚ.ಮೀ	ಅರಣ್ಯ ಇಲಾಖೆ ಹತ್ತಿರ	7500	22,47,525.00	2,24,752.50
27	ಕೊಪ್ಪಳ	ಶ್ರೀ ಯಮನೂರಪ್ಪ ಬಿನ್ ಭೀಮಪ್ಪ ಕಲ್ಲಣ್ಣವರ	175/*3	698.67 ಚ.ಮೀ	ಕಾಳಿದಾಸ ಸ್ಕೂಲ ಹತ್ತಿರ	4500	31,44,015.00	3,14,401.50
28	ಕೊಪ್ಪಳ	ಶ್ರೀ ಎಂ.ಎಂ. ನರಸಿಂಹರಾವ್ ತಂದೆ: ಕಾಮೇಶ್ವರರಾವ್ & ಇತರರು	362/*1+2	1418.00 ಚ.ಮೀ	ಭಾಗ್ಯನಗರ	4000	56,72,000.00	5,67,200.00
29	ಕೊಪ್ಪಳ	ಶ್ರೀ ವೆಂಕಟಸುಬ್ಬಯ್ಯ ತಂದೆ: ಸುಬ್ಬರಾಯುಡು ಶ್ರೀ ನರೇಶಕುಮಾರ್ ತಂದೆ: ವೆಂಕಟಸುಬ್ಬಯ್ಯ	77/*5, 6	767.49 ಚ.ಮೀ	ಕಲ್ಯಾಣ ನಗರ	5500	42,21,950.00	4,22,119.50
30	ದದೇಗಲ್	ಶ್ರೀ ಶಿವಪ್ರಕಾಶ ತಂದೆ: ಈರಪ್ಪ ಮತ್ತೇನವರ	15/*7, 9	1274.00 ಚ.ಮೀ	ದದೇಗಲ್	1400	17,83,600.00	1,78,360.00
31	ಕೊಪ್ಪಳ	ಶ್ರೀ ಪಿ. ಶ್ರೀನಿವಾಸ ತಂದೆ:ಪಿ.ವಿ.ಆರ್.ಎಸ್.ಚೌದರಿ	440/*2	231.66 ಚ.ಮೀ	ಬಹದ್ದೂರ ಬಂಡಿ ರಸ್ತೆ	4000	9,26,640.00	92,664.00
32	ಕೊಪ್ಪಳ	ಶ್ರೀ ಪವನ ತಂದೆ: ಗೋವಿಂದಪ್ಪ ಕವಲೂರು	68/*1	409.16 ಚ.ಮೀ	ಭಾಗ್ಯನಗರ	5000	20,45,800.00	2,04,580.00
33	ಕೊಪ್ಪಳ	ಶ್ರೀಮತಿ ಕಾಮಾಕ್ಷಿ ತಂದೆ ಶ್ರೀ ವರದರಾಜಪ್ಪ	84/*3	602.08 ಚ.ಮೀ	ಕಾಳಿದಾಸ ಸ್ಕೂಲ ಹತ್ತಿರ	5000	30,10,400.00	3,01,040.00
34	ಕೊಪ್ಪಳ	ಶ್ರೀಮತಿ ಲಲಿತಾ ಗಂಡ ದಿ: ಚೀರಪ್ಪ ಮುಂಡರಗಿ	68/*3	753.08 ಚ.ಮೀ	ಭಾಗ್ಯನಗರ	5000	37,65,400.00	3,76,540.00
35	ಕೊಪ್ಪಳ	ಶ್ರೀಮತಿ ಶ್ರೀದೇವಿ ಗಂಡ ರಾಜೇಶ ಹಾಗೂ ಇತರರು	70/*1,6,7, 8,9,10	912.57 ಚ.ಮೀ	ಭಾಗ್ಯನಗರ	5000	45,62,850.00	4,56,285.0
36	ಕಿಡದಾಳ	ಶ್ರೀ ಜ್ಞಾನಪ್ಪ ತಂದೆ:ಗುರುಪಾದಪ್ಪ ತಳಕಲ್ಲ	1/*4	493.37 ಚ.ಮೀ	ಕಿಡದಾಳ	1500	7,40,055.00	74,005.50
37	ಕೊಪ್ಪಳ	ಶ್ರೀಮತಿ ಪಾಲಾಕ್ಷಮ್ಮ ಗಂಡ ದಿನಾಸಪ್ಪ ಕವಲೂರು	68/*4	710.83 ಚ.ಮೀ	ಕಾಳಿದಾಸ ಸ್ಕೂಲ ಹತ್ತಿರ	5000	35,54,150.00	3,55,415.00
38	ದದೇಗಲ್	ಶ್ರೀ ರಾಹುಲ್ ತಂದೆ ಶ್ರೀ ಎಸ್.ಜಿ. ಬಸಪ್ಪ	77/*1	774.79 ಚ.ಮೀ	ದದೇಗಲ್	1400	10,84,706.00	1,08,470.60
39	ದದೇಗಲ್	ಶ್ರೀ ಸುನೀಲಕುಮಾರ್ ಎ.ಎಂ ತಂದೆ: ಶ್ರೀ ಲೋಕನಾಥ ಎ.ಎಂ	1/*6,7,10,	990.69 ಚ.ಮೀ	ದದೇಗಲ್	1400	13,86,966.00	1,38,696.60
40	ಕೊಪ್ಪಳ	ಶ್ರೀ ಹೆಚ್. ರವೀಂದ್ರರೆಡ್ಡಿ ತಂದೆ:ರಾಮರೆಡ್ಡಿ	705/*3,9	1075.00 ಚ.ಮೀ	ಭಾಗ್ಯನಗರ	4000	43,00,000.00	4,30,000.00
41	ಕೊಪ್ಪಳ	ಶ್ರೀ ಮಾಣಿಕಚಂದ್ ತಂದೆ: ಧನರಾಜ ಗಾದಿಯಾ	38	2469.39 ಚ.ಮೀ	ಭಾಗ್ಯನಗರ	4000	98,77,560.00	9,87,756.00
42	ದದೇಗಲ್	ಶ್ರೀ ಸುನೀಲಕುಮಾರ್ ಎ.ಎಂ ತಂದೆ: ಶ್ರೀ ಲೋಕನಾಥ ಎ.ಎಂ	75/9, 76/8, 12	1842.32 ಚ.ಮೀ	ದದೇಗಲ್	1400	25,79,248.00	2,57,924.80
43	ಕೊಪ್ಪಳ	ಶ್ರೀ ಮೊಹ್ಮದ್ ರಮೇಶ ತಂದೆ: ರಾಜಾರಾಮ್	686/*2	1003.85 ಚ.ಮೀ	ಹುಲಿಗಿ ರಸ್ತೆ ಕಲ್ಯಾಣ ಮಂಟಪ ಹಿಂಭಾಗ	5000	50,19,250.00	5,01,925.00
44	ಕೊಪ್ಪಳ	ಶ್ರೀ ಡಾ॥ ಶಿವನಗೌಡ ತಂದೆ: ಬಸನಗೌಡ ಪಾಟೀಲ್	89/*15	241.54 ಚ.ಮೀ	ಕಾಳಿದಾಸ ಸ್ಕೂಲ ಹತ್ತಿರ	4500	10,86,930.00	1,08,693.00
45	ಕೊಪ್ಪಳ	ಶ್ರೀ ಮುಕ್ತಾರ್ಬಾಷ ತಂದೆ:ಅಬ್ದುಲ್ ಬಾಷಾ ಮ್ಯಾಗೇರಿ ಹಾಗೂ ಶ್ರೀ ಗಿರೀಶ ತಂದೆ ಗುರುಸಂಗಮಪ್ಪ ಬೆಲ್ಲದ	46/*2 ಮತ್ತು 46/*10	611.00 ಚ.ಮೀ	ಕಾಳಿದಾಸ ಸ್ಕೂಲ ಹತ್ತಿರ	5000	30,55,000.00	3,05,500.00
46	ಕೊಪ್ಪಳ	ಶ್ರೀ ಕಂಟೆರ್ ವಿಶ್ವನಾಥ್ ತಂದೆ: ಕಸ್ತೂರಿನಾಥ	35/*5	837.59 ಚ.ಮೀ	ಭಾಗ್ಯನಗರ	5000	41,87,950.00	4,18,795.00
47	ಬಸಾಪುರ	ಶ್ರೀ ಬಸವರಾಜ ತಂದೆ: ಹುಲಗಪ್ಪ ಬಾಲಗಿರ	71/*1 ಮತ್ತು 72	974.00 ಚ.ಮೀ	ಬಸಾಪುರ	1200	11,68,800.00	1,16,880.00
48	ಕೊಪ್ಪಳ	ಶ್ರೀ ಚಾಂದಪಾಷಾ ತಂದೆ: ಲಾಲಾಸಾಬ್ ಕಿಲ್ಲೇದಾರ್	441/1, 441/2, 441/4	1019.66 ಚ.ಮೀ	ರಾಜ್ಯ ಹೆದ್ದಾರಿ ಬೈಪಾಸ್ ಹತ್ತಿರ	5000	50,98,300.00	5,09,830.00
49	ಬಹದ್ದೂರ ಬಂಡಿ	ಶ್ರೀ ವಿರುಪಾಕ್ಷ ಅರ್ಥ್ ಗೌಡರ್ ಸಿದ್ದಪ್ಪ ಶಿವಸ್ವಾಮಿ ಶ್ರೀ ಶ್ರೀಕಾಂತ್ ಸಿದ್ದಪ್ಪ ಶಿವಸ್ವಾಮಿ ಮತ್ತು ಶ್ರೀ ಗುರುಸಿದ್ದಪ್ಪ ತಂದೆ ಸಿದ್ದಪ್ಪ ಶಿವಸ್ವಾಮಿ	193/2, 193/3, 193/4	1749.65 ಚ.ಮೀ	ಬಹದ್ದೂರ ಬಂಡಿ	1200	20,99,580.00	2,09,958.00
50	ಕೊಪ್ಪಳ	ಶ್ರೀಮತಿ ಶಿವಗಂಗಮ್ಮ ಗಂಡ ಬಸವಣ್ಣೆಪ್ಪ ಹಿರೇಮಠ	69/*2	425.63 ಚ.ಮೀ	ಭಾಗ್ಯನಗರ	5000	21,28,150.00	2,12,815.00
51	ಕೊಪ್ಪಳ	ಶ್ರೀ ಸೈಯದ್ ಖಾಜಾ ಮೈನುದ್ದೀನ್ ಹಾಕ್ಸ್	443/*2	458.50 ಚ.ಮೀ	ಭಾಗ್ಯನಗರ	4000	18,34,000.00	1,83,400.00
52	ಓಜನಹಳ್ಳಿ	ಶ್ರೀ ವಿರೂಪಾಕ್ಷಪ್ಪ ತಂದೆ: ಹುಚ್ಚೀರಪ್ಪ ತಲ್ಲೂರು	104/*4	424.15 ಚ.ಮೀ	ಓಜನಹಳ್ಳಿ	1500	6,36,225.00	63,622.50
53	ಕೊಪ್ಪಳ	ಶ್ರೀ ಲೋಕೇಶ್ವರ ತಂದೆ: ಸೋಮಣ್ಣ ಚಿತ್ತೂರ	106/*2	566.40 ಚ.ಮೀ	ಭಾಗ್ಯನಗರ	4500	25,48,800.00	2,54,880.00
54	ಕೊಪ್ಪಳ	ಶ್ರೀ ಮೌನೇಶ ತಂದೆ: ಸಿದ್ದಲಿಂಗಪ್ಪ ಸುಳ್ಳೇದ	69/*1	214.59 ಚ.ಮೀ	ಭಾಗ್ಯನಗರ	5000	10,72,950.00	1,07,295.00
55	ಓಜನಹಳ್ಳಿ	ಶ್ರೀ ಮಲ್ಲನಗೌಡ ತಂದೆ: ಅಮರೇಗೌಡ ಪಾಟೀಲ್	58/*2	1624.92 ಚ.ಮೀ	ಓಜನಹಳ್ಳಿ	2500	40,62,300.00	4,06,230.00
56	ಓಜನಹಳ್ಳಿ	ಶ್ರೀ ವೀರಭದ್ರಪ್ಪ ತಂದೆ: ಶಿವಪ್ಪ ದಿಡ್ಡಿಮನಿ ಹಾಗೂ ಶ್ರೀ ಶಂಕರಗೌಡ ತಂದೆ: ಶಿವಪ್ಪ ದಿಡ್ಡಿಮನಿ	56/3, 56/4, 56/6, 56/7	2039.86 ಚ.ಮೀ	ಓಜನಹಳ್ಳಿ	2500	50,99,650.00	5,09,965.00
57	ಕೊಪ್ಪಳ	ಶ್ರೀ ಸಂಕಪ್ಪ ತಂದೆ: ಸಂಜೀವಪ್ಪ ದೊಡ್ಡಮನಿ	733/*4	616.00 ಚ.ಮೀ	ಭಾಗ್ಯನಗರ ದೇವಸ್ಥಾನ ಹತ್ತಿರ	5000	30,80,000.00	3,08,000.00
58	ಕೊಪ್ಪಳ	ಶ್ರೀ ಬಸವರಾಜ ತಂದೆ:ಹುಚ್ಚಪ್ಪ ಕವಲೂರು ಶ್ರೀ ಲಿಂಗರಾಜು ತಂದೆ: ಶಂಕ್ರಪ್ಪ ಕವಲೂರು ಮತ್ತು ಶ್ರೀ ಗಿಡ್ಡಪ್ಪ ತಂದೆ: ಶಂಕ್ರಪ್ಪ ಕವಲೂರು	413/*2 413/*7	728.45 ಚ.ಮೀ	ರಾಜ್ಯ ಹೆದ್ದಾರಿ ಬೈಪಾಸ್ ಹತ್ತಿರ	5000	36,42,250.00	3,64,225.00
59	ಕೊಪ್ಪಳ	ಶ್ರೀ ಮಲ್ಲಪ್ಪ ತಂದೆ: ವೀರಪ್ಪ ಕವಲೂರು	87/1, 87/9, 91/1, 91/2	848.71 ಚ.ಮೀ	ಕುಷ್ಟಗಿ ರಸ್ತೆ	5000	42,43,550.00	4,24,355.00
60	ದದೇಗಲ್	ಶ್ರೀ ಮಂಜುಪ್ಪ ತಂದೆ: ಸಂಗಪ್ಪ ಸೋಮನೂರು	29/*2	297.00 ಚ.ಮೀ	ದದೇಗಲ್	1400	4,15,800.00	41,580.00
61	ಬಿಸರಹಳ್ಳಿ	ಶ್ರೀ ವೆಂಕಪ್ಪ ತಂದೆ: ಹನಮಂತಪ್ಪ ಬಸವನಗೌಡ	19	398.37 ಚ.ಮೀ	ಬಿಸರಹಳ್ಳಿ	1200	4,78,044.00	47,804.40

ಮು.ಸಿ.ಸೋ. ಅ
